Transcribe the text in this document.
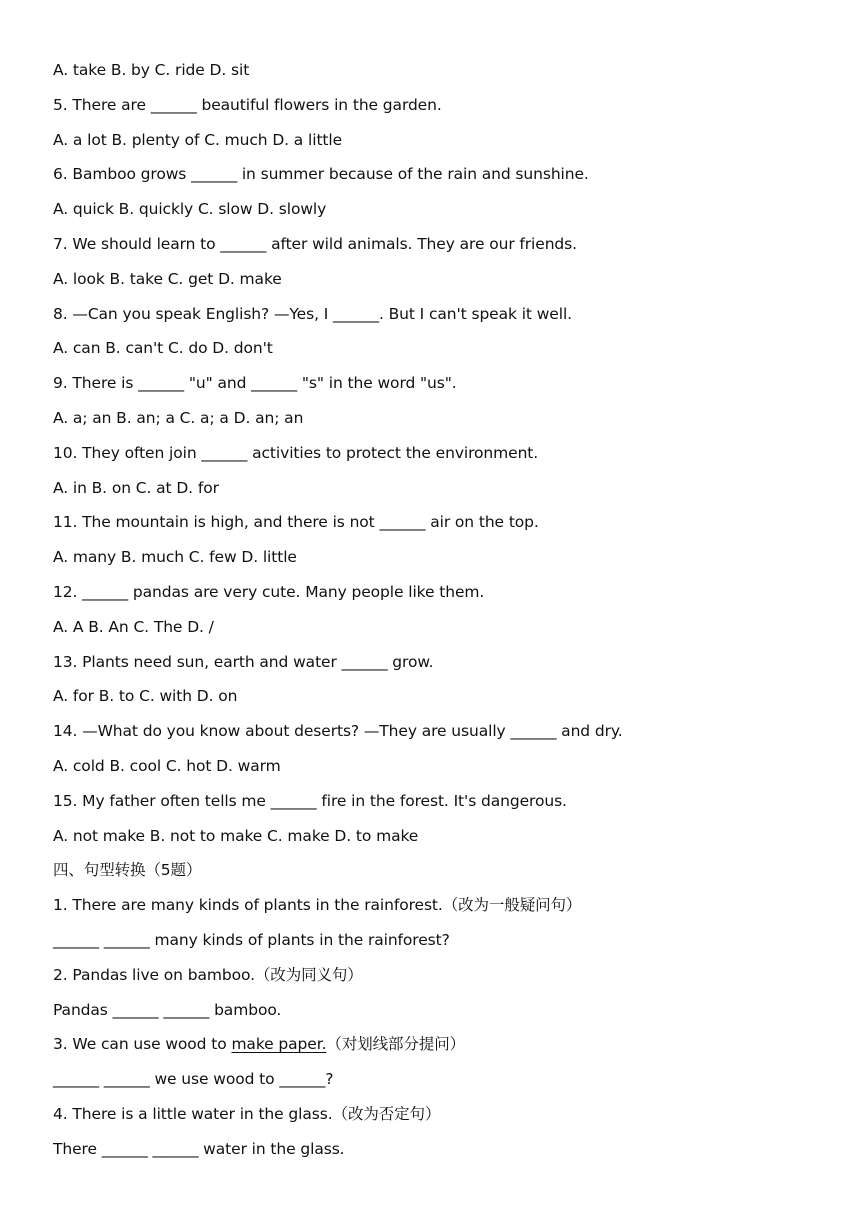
A. take B. by C. ride D. sit
5. There are ______ beautiful flowers in the garden.
A. a lot B. plenty of C. much D. a little
6. Bamboo grows ______ in summer because of the rain and sunshine.
A. quick B. quickly C. slow D. slowly
7. We should learn to ______ after wild animals. They are our friends.
A. look B. take C. get D. make
8. —Can you speak English? —Yes, I ______. But I can't speak it well.
A. can B. can't C. do D. don't
9. There is ______ "u" and ______ "s" in the word "us".
A. a; an B. an; a C. a; a D. an; an
10. They often join ______ activities to protect the environment.
A. in B. on C. at D. for
11. The mountain is high, and there is not ______ air on the top.
A. many B. much C. few D. little
12. ______ pandas are very cute. Many people like them.
A. A B. An C. The D. /
13. Plants need sun, earth and water ______ grow.
A. for B. to C. with D. on
14. —What do you know about deserts? —They are usually ______ and dry.
A. cold B. cool C. hot D. warm
15. My father often tells me ______ fire in the forest. It's dangerous.
A. not make B. not to make C. make D. to make
四、句型转换（5题）
1. There are many kinds of plants in the rainforest.（改为一般疑问句）
______ ______ many kinds of plants in the rainforest?
2. Pandas live on bamboo.（改为同义句）
Pandas ______ ______ bamboo.
3. We can use wood to make paper.（对划线部分提问）
______ ______ we use wood to ______?
4. There is a little water in the glass.（改为否定句）
There ______ ______ water in the glass.
